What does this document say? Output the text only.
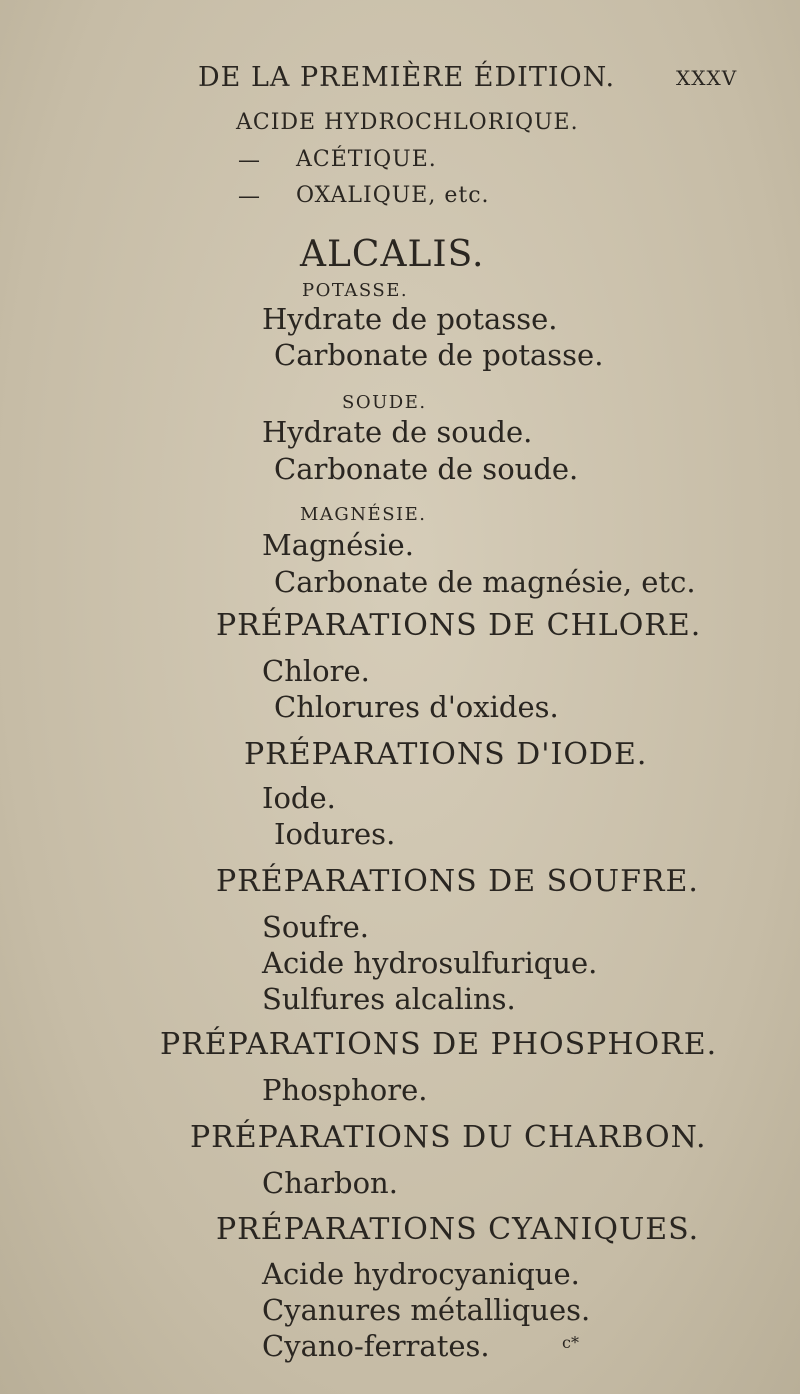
DE LA PREMIÈRE ÉDITION.	XXXV
ACIDE HYDROCHLORIQUE.
— ACÉTIQUE.
— OXALIQUE, etc.
ALCALIS.
POTASSE.
Hydrate de potasse.
Carbonate de potasse.
SOUDE.
Hydrate de soude.
Carbonate de soude.
MAGNÉSIE.
Magnésie.
Carbonate de magnésie, etc.
PRÉPARATIONS DE CHLORE.
Chlore.
Chlorures d'oxides.
PRÉPARATIONS D'IODE.
Iode.
Iodures.
PRÉPARATIONS DE SOUFRE.
Soufre.
Acide hydrosulfurique.
Sulfures alcalins.
PRÉPARATIONS DE PHOSPHORE.
Phosphore.
PRÉPARATIONS DU CHARBON.
Charbon.
PRÉPARATIONS CYANIQUES.
Acide hydrocyanique.
Cyanures métalliques.
Cyano-ferrates.	c*
